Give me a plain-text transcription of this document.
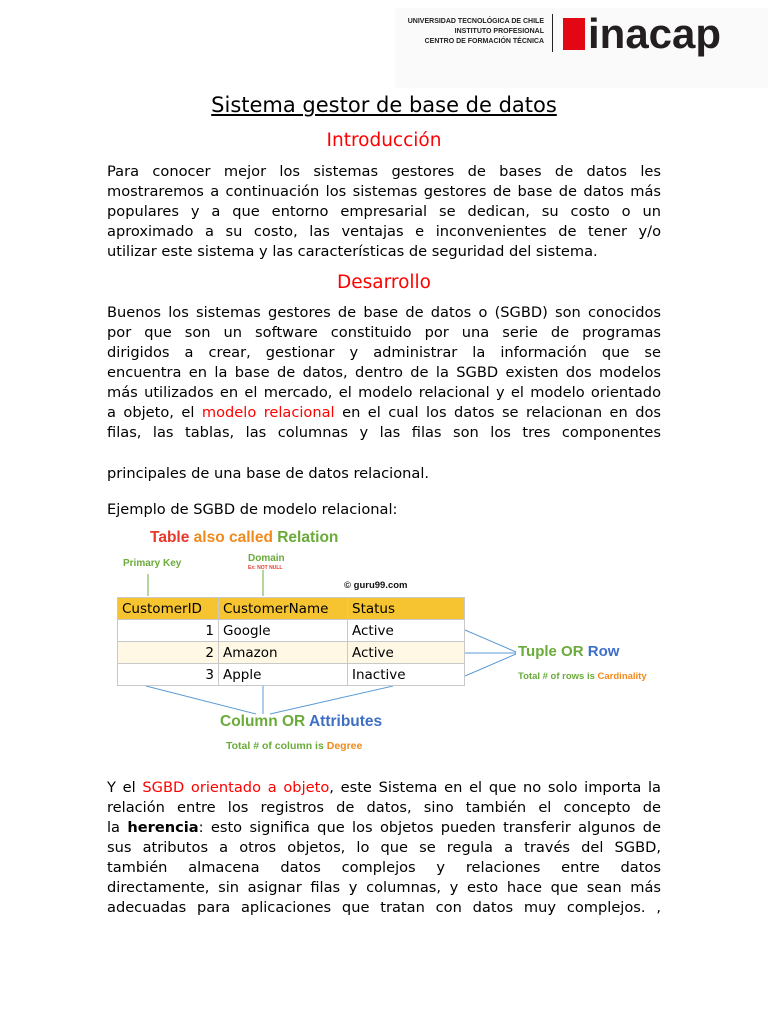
UNIVERSIDAD TECNOLÓGICA DE CHILE
INSTITUTO PROFESIONAL
CENTRO DE FORMACIÓN TÉCNICA inacap
Sistema gestor de base de datos
Introducción
Para conocer mejor los sistemas gestores de bases de datos les
mostraremos a continuación los sistemas gestores de base de datos más
populares y a que entorno empresarial se dedican, su costo o un
aproximado a su costo, las ventajas e inconvenientes de tener y/o
utilizar este sistema y las características de seguridad del sistema.
Desarrollo
Buenos los sistemas gestores de base de datos o (SGBD) son conocidos
por que son un software constituido por una serie de programas
dirigidos a crear, gestionar y administrar la información que se
encuentra en la base de datos, dentro de la SGBD existen dos modelos
más utilizados en el mercado, el modelo relacional y el modelo orientado
a objeto, el modelo relacional en el cual los datos se relacionan en dos
filas, las tablas, las columnas y las filas son los tres componentes
principales de una base de datos relacional.
Ejemplo de SGBD de modelo relacional:
Table also called Relation
Primary Key	Domain
Ex: NOT NULL
© guru99.com
CustomerID	CustomerName	Status
1	Google	Active
2	Amazon	Active
3	Apple	Inactive
Tuple OR Row
Total # of rows is Cardinality
Column OR Attributes
Total # of column is Degree
Y el SGBD orientado a objeto, este Sistema en el que no solo importa la
relación entre los registros de datos, sino también el concepto de
la herencia: esto significa que los objetos pueden transferir algunos de
sus atributos a otros objetos, lo que se regula a través del SGBD,
también almacena datos complejos y relaciones entre datos
directamente, sin asignar filas y columnas, y esto hace que sean más
adecuadas para aplicaciones que tratan con datos muy complejos. ,
